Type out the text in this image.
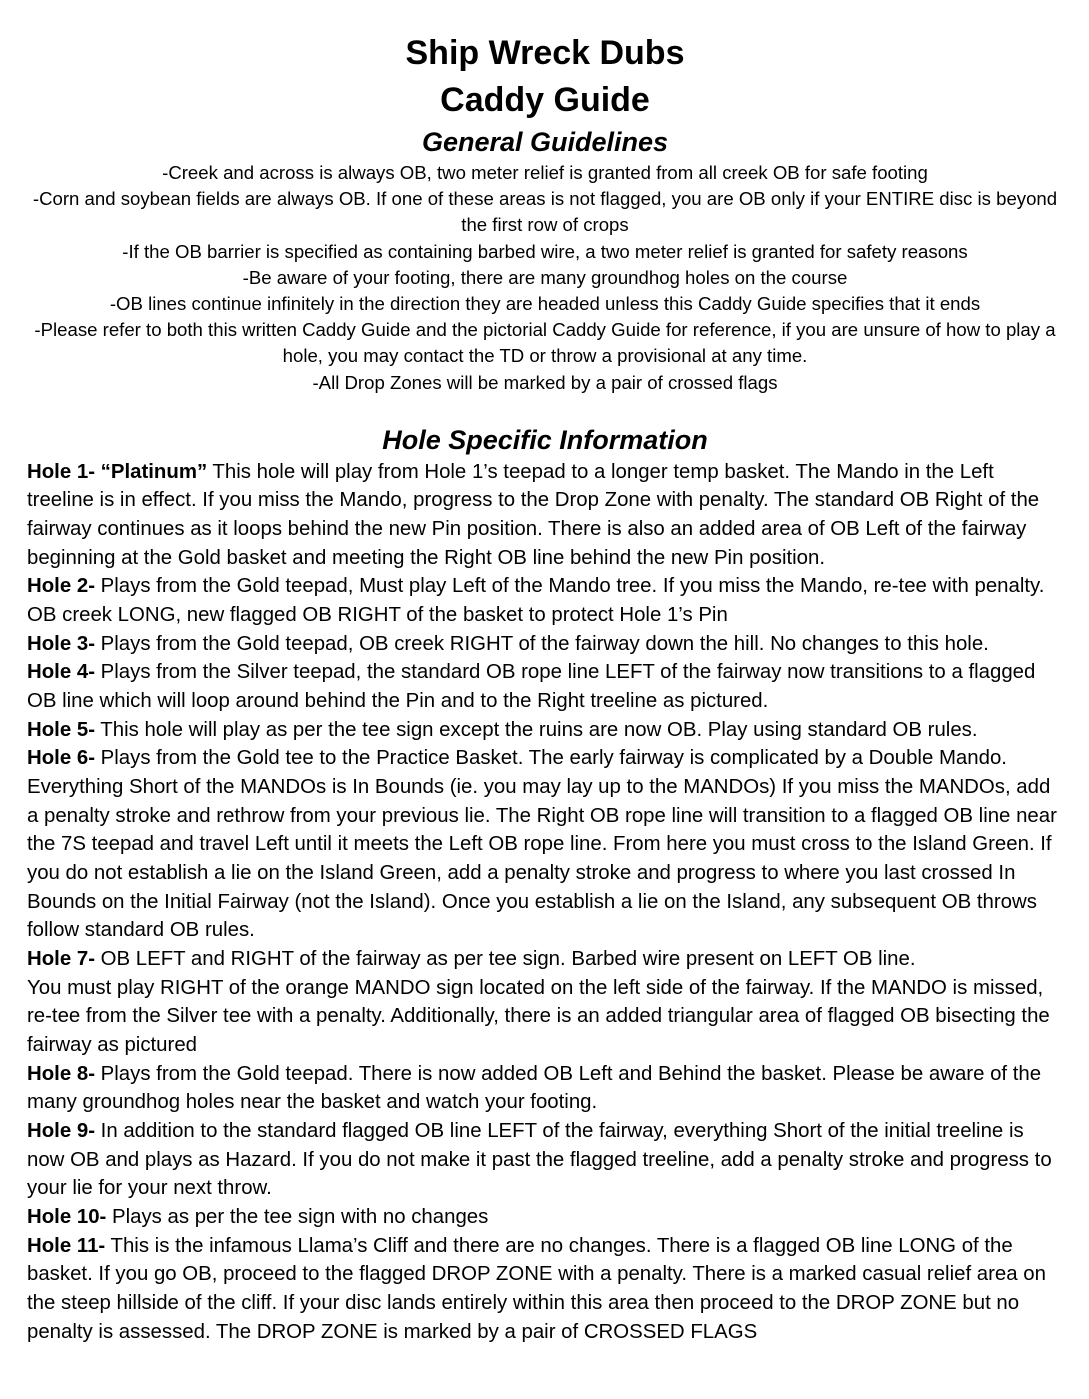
Ship Wreck Dubs
Caddy Guide
General Guidelines
-Creek and across is always OB, two meter relief is granted from all creek OB for safe footing
-Corn and soybean fields are always OB. If one of these areas is not flagged, you are OB only if your ENTIRE disc is beyond the first row of crops
-If the OB barrier is specified as containing barbed wire, a two meter relief is granted for safety reasons
-Be aware of your footing, there are many groundhog holes on the course
-OB lines continue infinitely in the direction they are headed unless this Caddy Guide specifies that it ends
-Please refer to both this written Caddy Guide and the pictorial Caddy Guide for reference, if you are unsure of how to play a hole, you may contact the TD or throw a provisional at any time.
-All Drop Zones will be marked by a pair of crossed flags
Hole Specific Information
Hole 1- “Platinum” This hole will play from Hole 1’s teepad to a longer temp basket. The Mando in the Left treeline is in effect. If you miss the Mando, progress to the Drop Zone with penalty. The standard OB Right of the fairway continues as it loops behind the new Pin position. There is also an added area of OB Left of the fairway beginning at the Gold basket and meeting the Right OB line behind the new Pin position.
Hole 2- Plays from the Gold teepad, Must play Left of the Mando tree. If you miss the Mando, re-tee with penalty. OB creek LONG, new flagged OB RIGHT of the basket to protect Hole 1’s Pin
Hole 3- Plays from the Gold teepad, OB creek RIGHT of the fairway down the hill. No changes to this hole.
Hole 4- Plays from the Silver teepad, the standard OB rope line LEFT of the fairway now transitions to a flagged OB line which will loop around behind the Pin and to the Right treeline as pictured.
Hole 5- This hole will play as per the tee sign except the ruins are now OB. Play using standard OB rules.
Hole 6- Plays from the Gold tee to the Practice Basket. The early fairway is complicated by a Double Mando. Everything Short of the MANDOs is In Bounds (ie. you may lay up to the MANDOs) If you miss the MANDOs, add a penalty stroke and rethrow from your previous lie. The Right OB rope line will transition to a flagged OB line near the 7S teepad and travel Left until it meets the Left OB rope line. From here you must cross to the Island Green. If you do not establish a lie on the Island Green, add a penalty stroke and progress to where you last crossed In Bounds on the Initial Fairway (not the Island). Once you establish a lie on the Island, any subsequent OB throws follow standard OB rules.
Hole 7- OB LEFT and RIGHT of the fairway as per tee sign. Barbed wire present on LEFT OB line.
You must play RIGHT of the orange MANDO sign located on the left side of the fairway. If the MANDO is missed, re-tee from the Silver tee with a penalty. Additionally, there is an added triangular area of flagged OB bisecting the fairway as pictured
Hole 8- Plays from the Gold teepad. There is now added OB Left and Behind the basket. Please be aware of the many groundhog holes near the basket and watch your footing.
Hole 9- In addition to the standard flagged OB line LEFT of the fairway, everything Short of the initial treeline is now OB and plays as Hazard. If you do not make it past the flagged treeline, add a penalty stroke and progress to your lie for your next throw.
Hole 10- Plays as per the tee sign with no changes
Hole 11- This is the infamous Llama’s Cliff and there are no changes. There is a flagged OB line LONG of the basket. If you go OB, proceed to the flagged DROP ZONE with a penalty. There is a marked casual relief area on the steep hillside of the cliff. If your disc lands entirely within this area then proceed to the DROP ZONE but no penalty is assessed. The DROP ZONE is marked by a pair of CROSSED FLAGS
